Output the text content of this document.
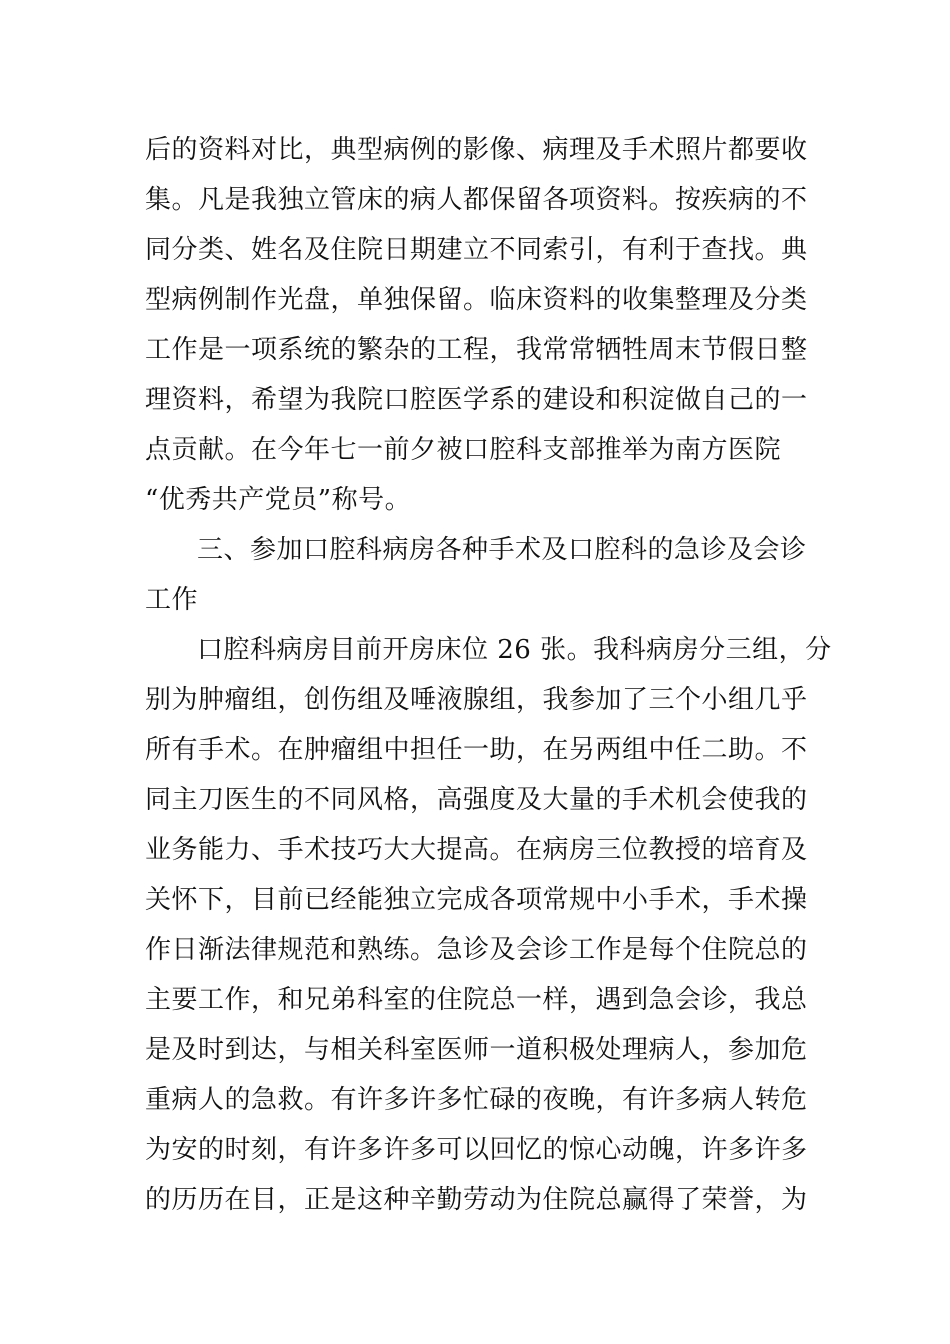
后的资料对比，典型病例的影像、病理及手术照片都要收
集。凡是我独立管床的病人都保留各项资料。按疾病的不
同分类、姓名及住院日期建立不同索引，有利于查找。典
型病例制作光盘，单独保留。临床资料的收集整理及分类
工作是一项系统的繁杂的工程，我常常牺牲周末节假日整
理资料，希望为我院口腔医学系的建设和积淀做自己的一
点贡献。在今年七一前夕被口腔科支部推举为南方医院
“优秀共产党员”称号。
三、参加口腔科病房各种手术及口腔科的急诊及会诊
工作
口腔科病房目前开房床位 26 张。我科病房分三组，分
别为肿瘤组，创伤组及唾液腺组，我参加了三个小组几乎
所有手术。在肿瘤组中担任一助，在另两组中任二助。不
同主刀医生的不同风格，高强度及大量的手术机会使我的
业务能力、手术技巧大大提高。在病房三位教授的培育及
关怀下，目前已经能独立完成各项常规中小手术，手术操
作日渐法律规范和熟练。急诊及会诊工作是每个住院总的
主要工作，和兄弟科室的住院总一样，遇到急会诊，我总
是及时到达，与相关科室医师一道积极处理病人，参加危
重病人的急救。有许多许多忙碌的夜晚，有许多病人转危
为安的时刻，有许多许多可以回忆的惊心动魄，许多许多
的历历在目，正是这种辛勤劳动为住院总赢得了荣誉，为
